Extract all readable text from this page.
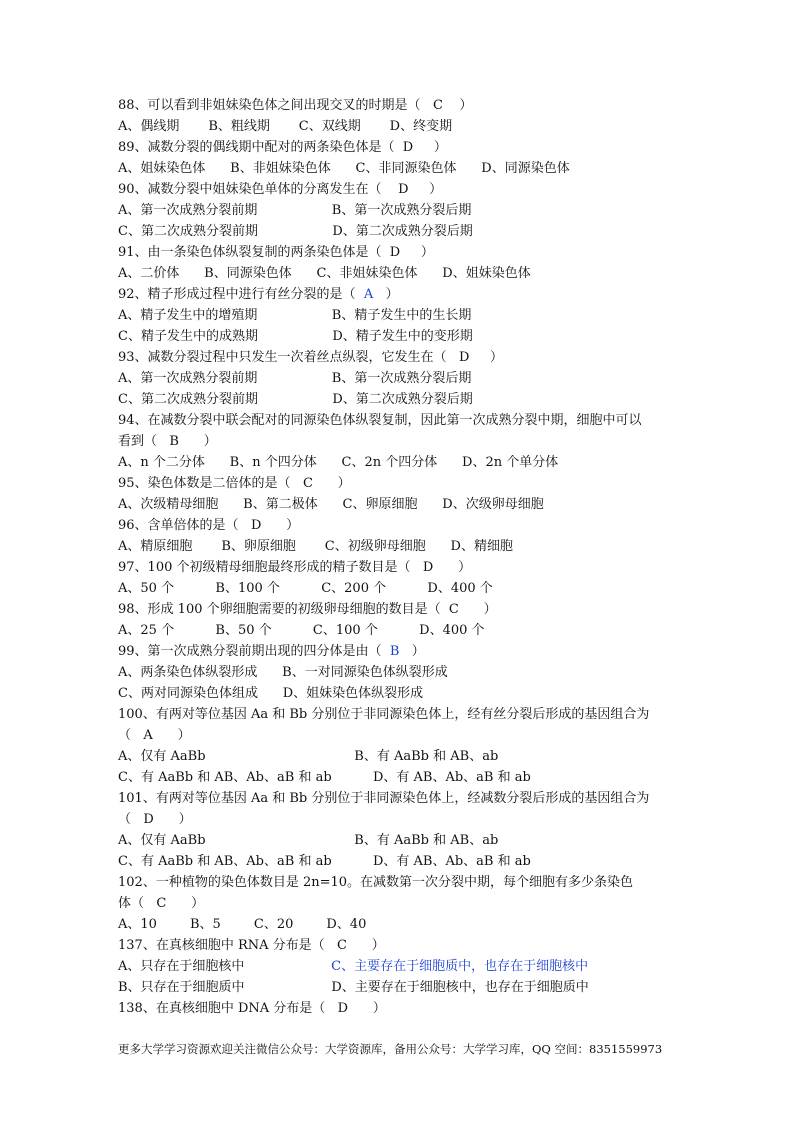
88、可以看到非姐妹染色体之间出现交叉的时期是（   C    ）
A、偶线期       B、粗线期       C、双线期       D、终变期
89、减数分裂的偶线期中配对的两条染色体是（  D     ）
A、姐妹染色体      B、非姐妹染色体      C、非同源染色体      D、同源染色体
90、减数分裂中姐妹染色单体的分离发生在（    D     ）
A、第一次成熟分裂前期                  B、第一次成熟分裂后期
C、第二次成熟分裂前期                  D、第二次成熟分裂后期
91、由一条染色体纵裂复制的两条染色体是（  D     ）
A、二价体      B、同源染色体      C、非姐妹染色体      D、姐妹染色体
92、精子形成过程中进行有丝分裂的是（  A   ）
A、精子发生中的增殖期                  B、精子发生中的生长期
C、精子发生中的成熟期                  D、精子发生中的变形期
93、减数分裂过程中只发生一次着丝点纵裂，它发生在（   D     ）
A、第一次成熟分裂前期                  B、第一次成熟分裂后期
C、第二次成熟分裂前期                  D、第二次成熟分裂后期
94、在减数分裂中联会配对的同源染色体纵裂复制，因此第一次成熟分裂中期，细胞中可以
看到（   B      ）
A、n 个二分体      B、n 个四分体      C、2n 个四分体      D、2n 个单分体
95、染色体数是二倍体的是（   C      ）
A、次级精母细胞      B、第二极体      C、卵原细胞      D、次级卵母细胞
96、含单倍体的是（   D      ）
A、精原细胞       B、卵原细胞       C、初级卵母细胞      D、精细胞
97、100 个初级精母细胞最终形成的精子数目是（   D      ）
A、50 个          B、100 个          C、200 个          D、400 个
98、形成 100 个卵细胞需要的初级卵母细胞的数目是（  C      ）
A、25 个          B、50 个          C、100 个          D、400 个
99、第一次成熟分裂前期出现的四分体是由（  B   ）
A、两条染色体纵裂形成      B、一对同源染色体纵裂形成
C、两对同源染色体组成      D、姐妹染色体纵裂形成
100、有两对等位基因 Aa 和 Bb 分别位于非同源染色体上，经有丝分裂后形成的基因组合为
（   A      ）
A、仅有 AaBb                                    B、有 AaBb 和 AB、ab
C、有 AaBb 和 AB、Ab、aB 和 ab          D、有 AB、Ab、aB 和 ab
101、有两对等位基因 Aa 和 Bb 分别位于非同源染色体上，经减数分裂后形成的基因组合为
（   D      ）
A、仅有 AaBb                                    B、有 AaBb 和 AB、ab
C、有 AaBb 和 AB、Ab、aB 和 ab          D、有 AB、Ab、aB 和 ab
102、一种植物的染色体数目是 2n=10。在减数第一次分裂中期，每个细胞有多少条染色
体（   C      ）
A、10        B、5        C、20        D、40
137、在真核细胞中 RNA 分布是（   C      ）
A、只存在于细胞核中                     C、主要存在于细胞质中，也存在于细胞核中
B、只存在于细胞质中                     D、主要存在于细胞核中，也存在于细胞质中
138、在真核细胞中 DNA 分布是（   D      ）
更多大学学习资源欢迎关注微信公众号：大学资源库，备用公众号：大学学习库，QQ 空间：8351559973
